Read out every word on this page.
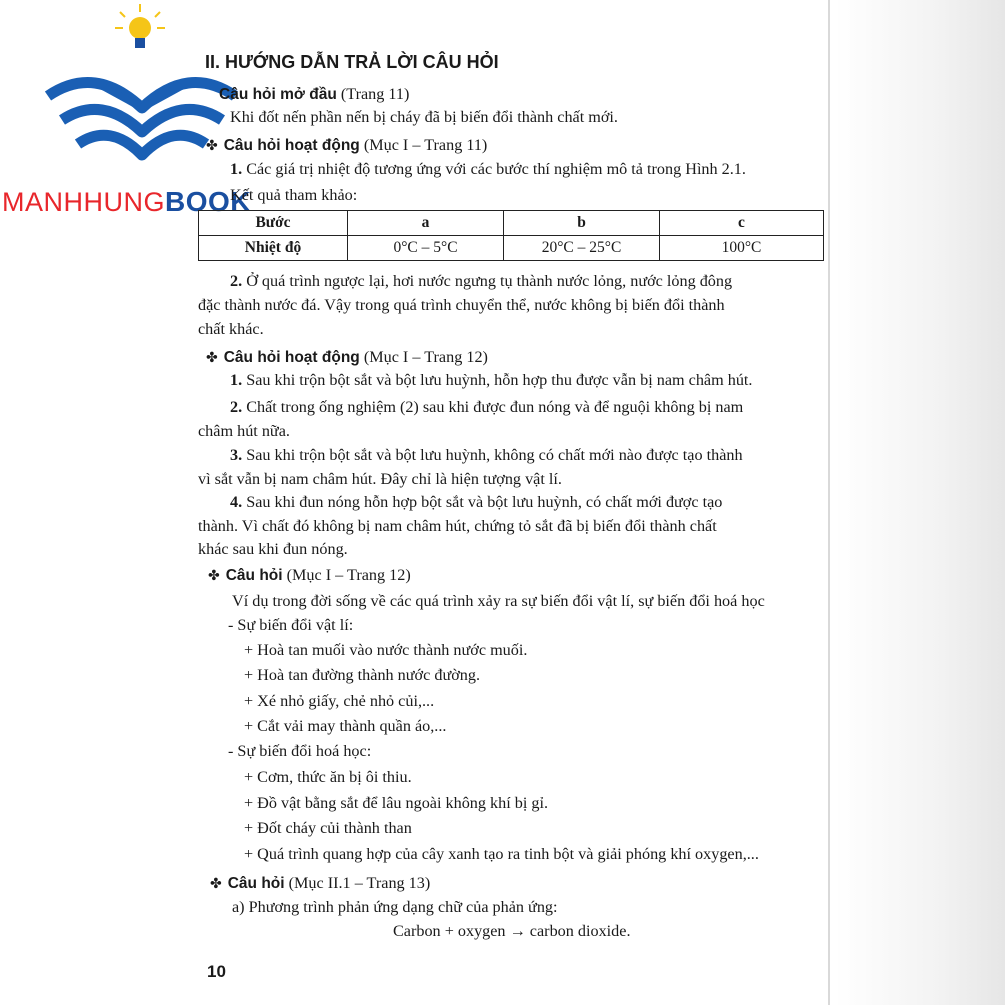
MANHHUNGBOOK
II. HƯỚNG DẪN TRẢ LỜI CÂU HỎI
Câu hỏi mở đầu (Trang 11)
Khi đốt nến phần nến bị cháy đã bị biến đổi thành chất mới.
✤ Câu hỏi hoạt động (Mục I – Trang 11)
1. Các giá trị nhiệt độ tương ứng với các bước thí nghiệm mô tả trong Hình 2.1.
Kết quả tham khảo:
Bước	a	b	c
Nhiệt độ	0°C – 5°C	20°C – 25°C	100°C
2. Ở quá trình ngược lại, hơi nước ngưng tụ thành nước lỏng, nước lỏng đông
đặc thành nước đá. Vậy trong quá trình chuyển thể, nước không bị biến đổi thành
chất khác.
✤ Câu hỏi hoạt động (Mục I – Trang 12)
1. Sau khi trộn bột sắt và bột lưu huỳnh, hỗn hợp thu được vẫn bị nam châm hút.
2. Chất trong ống nghiệm (2) sau khi được đun nóng và để nguội không bị nam
châm hút nữa.
3. Sau khi trộn bột sắt và bột lưu huỳnh, không có chất mới nào được tạo thành
vì sắt vẫn bị nam châm hút. Đây chỉ là hiện tượng vật lí.
4. Sau khi đun nóng hỗn hợp bột sắt và bột lưu huỳnh, có chất mới được tạo
thành. Vì chất đó không bị nam châm hút, chứng tỏ sắt đã bị biến đổi thành chất
khác sau khi đun nóng.
✤ Câu hỏi (Mục I – Trang 12)
Ví dụ trong đời sống về các quá trình xảy ra sự biến đổi vật lí, sự biến đổi hoá học
- Sự biến đổi vật lí:
+ Hoà tan muối vào nước thành nước muối.
+ Hoà tan đường thành nước đường.
+ Xé nhỏ giấy, chẻ nhỏ củi,...
+ Cắt vải may thành quần áo,...
- Sự biến đổi hoá học:
+ Cơm, thức ăn bị ôi thiu.
+ Đồ vật bằng sắt để lâu ngoài không khí bị gỉ.
+ Đốt cháy củi thành than
+ Quá trình quang hợp của cây xanh tạo ra tinh bột và giải phóng khí oxygen,...
✤ Câu hỏi (Mục II.1 – Trang 13)
a) Phương trình phản ứng dạng chữ của phản ứng:
Carbon + oxygen → carbon dioxide.
10
